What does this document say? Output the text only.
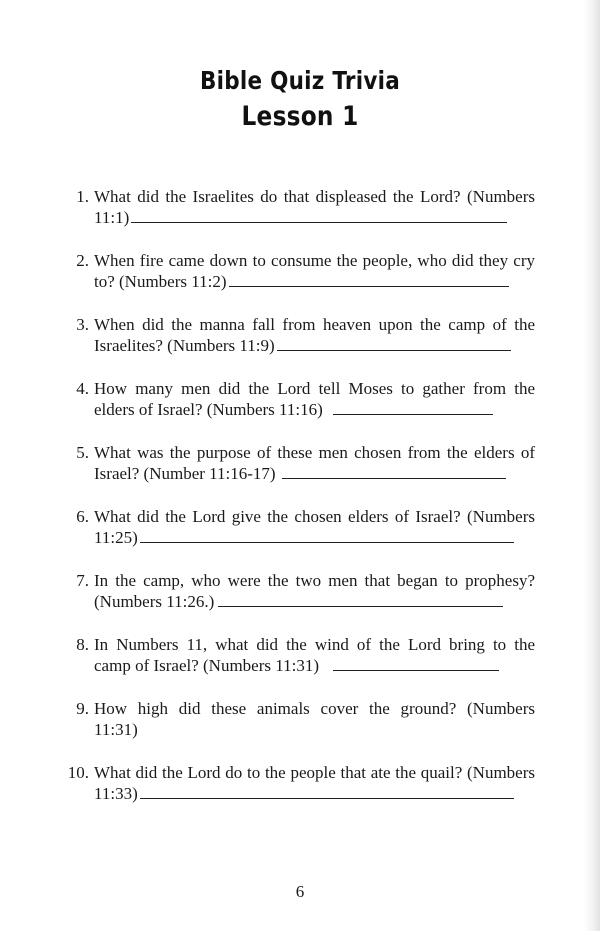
Bible Quiz Trivia
Lesson 1
1. What did the Israelites do that displeased the Lord? (Numbers
11:1)
2. When fire came down to consume the people, who did they cry
to? (Numbers 11:2)
3. When did the manna fall from heaven upon the camp of the
Israelites? (Numbers 11:9)
4. How many men did the Lord tell Moses to gather from the
elders of Israel? (Numbers 11:16)
5. What was the purpose of these men chosen from the elders of
Israel? (Number 11:16-17)
6. What did the Lord give the chosen elders of Israel? (Numbers
11:25)
7. In the camp, who were the two men that began to prophesy?
(Numbers 11:26.)
8. In Numbers 11, what did the wind of the Lord bring to the
camp of Israel? (Numbers 11:31)
9. How high did these animals cover the ground? (Numbers
11:31)
10. What did the Lord do to the people that ate the quail? (Numbers
11:33)
6
